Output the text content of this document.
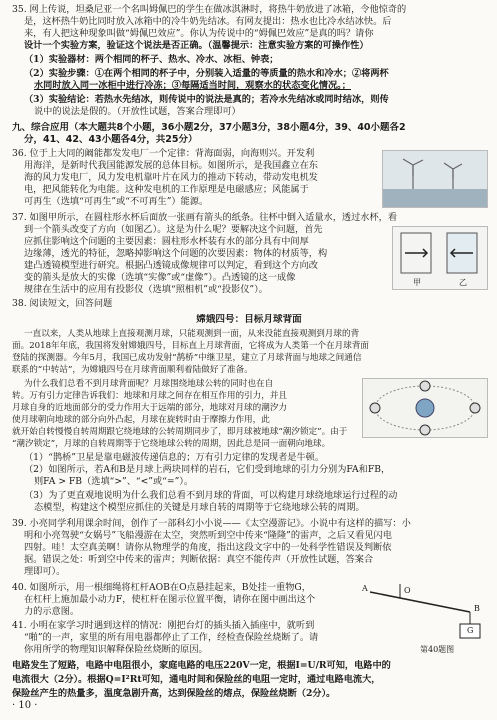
35. 网上传说，坦桑尼亚一个名叫姆佩巴的学生在做冰淇淋时，将热牛奶放进了冰箱，令他惊奇的
是，这杯热牛奶比同时放入冰箱中的冷牛奶先结冰。有网友提出：热水也比冷水结冰快。后
来，有人把这种现象叫做“姆佩巴效应”。你认为传说中的“姆佩巴效应”是真的吗？请你
设计一个实验方案，验证这个说法是否正确。（温馨提示：注意实验方案的可操作性）
（1）实验器材：两个相同的杯子、热水、冷水、冰柜、钟表；
（2）实验步骤：①在两个相同的杯子中，分别装入适量的等质量的热水和冷水；②将两杯
水同时放入同一冰柜中进行冷冻；③每隔适当时间，观察水的状态变化情况。；
（3）实验结论：若热水先结冰，则传说中的说法是真的；若冷水先结冰或同时结冰，则传
说中的说法是假的。（开放性试题，答案合理即可）
九、综合应用（本大题共8个小题，36小题2分，37小题3分，38小题4分，39、40小题各2
分，41、42、43小题各4分，共25分）
36. 位于上大同的阚能都发发电厂一个定律：背海面弱，向海则兴。开发利
用海洋，是新时代我国能源发展的总体目标。如图所示，是我国鑫立在东
海的风力发电厂，风力发电机靠叶片在风力的推动下转动，带动发电机发
电，把风能转化为电能。这种发电机的工作原理是电磁感应；风能属于
可再生（选填“可再生”或“不可再生”）能源。
37. 如图甲所示，在圆柱形水杯后面放一张画有箭头的纸条。往杯中倒入适量水，透过水杯，看
到一个箭头改变了方向（如图乙）。这是为什么呢？要解决这个问题，首先
应抓住影响这个问题的主要因素：圆柱形水杯装有水的部分具有中间厚
边缘薄，透光的特征，忽略掉影响这个问题的次要因素：物体的材质等，构
建凸透镜模型进行研究。根据凸透镜成像规律可以判定，看到这个方向改
变的箭头是放大的实像（选填“实像”或“虚像”）。凸透镜的这一成像
规律在生活中的应用有投影仪（选填“照相机”或“投影仪”）。
38. 阅读短文，回答问题
甲	乙
嫦娥四号：目标月球背面
一直以来，人类从地球上直接观测月球，只能观测到一面，从来没能直接观测到月球的背
面。2018年年底，我国将发射嫦娥四号，目标直上月球背面，它将成为人类第一个在月球背面
登陆的探测器。今年5月，我国已成功发射“鹊桥”中继卫星，建立了月球背面与地球之间通信
联系的“中转站”，为嫦娥四号在月球背面顺利着陆做好了准备。
为什么我们总看不到月球背面呢？月球围绕地球公转的同时也在自
转。万有引力定律告诉我们：地球和月球之间存在相互作用的引力，并且
月球自身的近地面部分的受力作用大于远端的部分，地球对月球的潮汐力
使月球朝向地球的部分向外凸起，月球在旋转时由于摩擦力作用，此
就开始自转慢慢自转周期跟它绕地球的公转周期同步了，即月球被地球“潮汐锁定”。由于
“潮汐锁定”，月球的自转周期等于它绕地球公转的周期，因此总是同一面朝向地球。
（1）“鹊桥”卫星是靠电磁波传递信息的；万有引力定律的发现者是牛顿。
（2）如图所示，若A和B是月球上两块同样的岩石，它们受到地球的引力分别为FA和FB，
则FA > FB（选填“>”、“<”或“=”）。
（3）为了更直观地说明为什么我们总看不到月球的背面，可以构建月球绕地球运行过程的动
态模型，构建这个模型应抓住的关键是月球自转的周期等于它绕地球公转的周期。
39. 小亮同学利用课余时间，创作了一部科幻小小说——《太空漫游记》。小说中有这样的描写：小
明和小亮驾驶“女娲号”飞船漫游在太空，突然听到空中传来“隆隆”的雷声，之后又看见闪电
四射。哇！太空真美啊！请你从物理学的角度，指出这段文字中的一处科学性错误及判断依
据。错误之处：听到空中传来的雷声；判断依据：真空不能传声（开放性试题，答案合
理即可）。
40. 如图所示，用一根细绳将杠杆AOB在O点悬挂起来，B处挂一重物G，
在杠杆上施加最小动力F，使杠杆在图示位置平衡，请你在图中画出这个
力的示意图。
41. 小明在家学习时遇到这样的情况：刚把台灯的插头插入插座中，就听到
“啪”的一声，家里的所有用电器都停止了工作，经检查保险丝烧断了。请
你用所学的物理知识解释保险丝烧断的原因。
A	O
B
G
第40题图
电路发生了短路，电路中电阻很小，家庭电路的电压220V一定，根据I=U/R可知，电路中的
电流很大（2分）。根据Q=I²Rt可知，通电时间和保险丝的电阻一定时，通过电路电流大，
保险丝产生的热量多，温度急剧升高，达到保险丝的熔点，保险丝烧断（2分）。
· 10 ·
